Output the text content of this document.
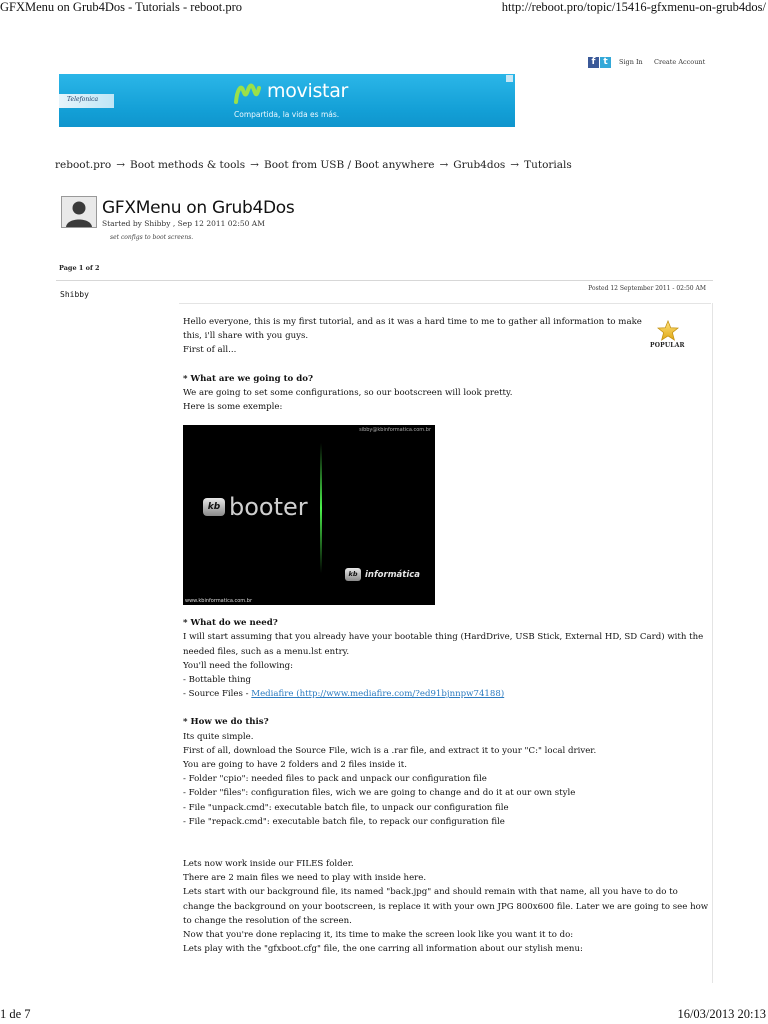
GFXMenu on Grub4Dos - Tutorials - reboot.pro	http://reboot.pro/topic/15416-gfxmenu-on-grub4dos/
1 de 7	16/03/2013 20:13
f t	Sign In Create Account
Telefonica	movistar
Compartida, la vida es más.
reboot.pro → Boot methods & tools → Boot from USB / Boot anywhere → Grub4dos → Tutorials
GFXMenu on Grub4Dos
Started by Shibby , Sep 12 2011 02:50 AM
set configs to boot screens.
Page 1 of 2
Shibby
Posted 12 September 2011 - 02:50 AM
POPULAR
Hello everyone, this is my first tutorial, and as it was a hard time to me to gather all information to make
this, i'll share with you guys.
First of all...
* What are we going to do?
We are going to set some configurations, so our bootscreen will look pretty.
Here is some exemple:
* What do we need?
I will start assuming that you already have your bootable thing (HardDrive, USB Stick, External HD, SD Card) with the
needed files, such as a menu.lst entry.
You'll need the following:
- Bottable thing
- Source Files - Mediafire (http://www.mediafire.com/?ed91bjnnpw74188)
* How we do this?
Its quite simple.
First of all, download the Source File, wich is a .rar file, and extract it to your "C:" local driver.
You are going to have 2 folders and 2 files inside it.
- Folder "cpio": needed files to pack and unpack our configuration file
- Folder "files": configuration files, wich we are going to change and do it at our own style
- File "unpack.cmd": executable batch file, to unpack our configuration file
- File "repack.cmd": executable batch file, to repack our configuration file
Lets now work inside our FILES folder.
There are 2 main files we need to play with inside here.
Lets start with our background file, its named "back.jpg" and should remain with that name, all you have to do to
change the background on your bootscreen, is replace it with your own JPG 800x600 file. Later we are going to see how
to change the resolution of the screen.
Now that you're done replacing it, its time to make the screen look like you want it to do:
Lets play with the "gfxboot.cfg" file, the one carring all information about our stylish menu:
sibby@kbinformatica.com.br
kb booter
kb informática
www.kbinformatica.com.br
